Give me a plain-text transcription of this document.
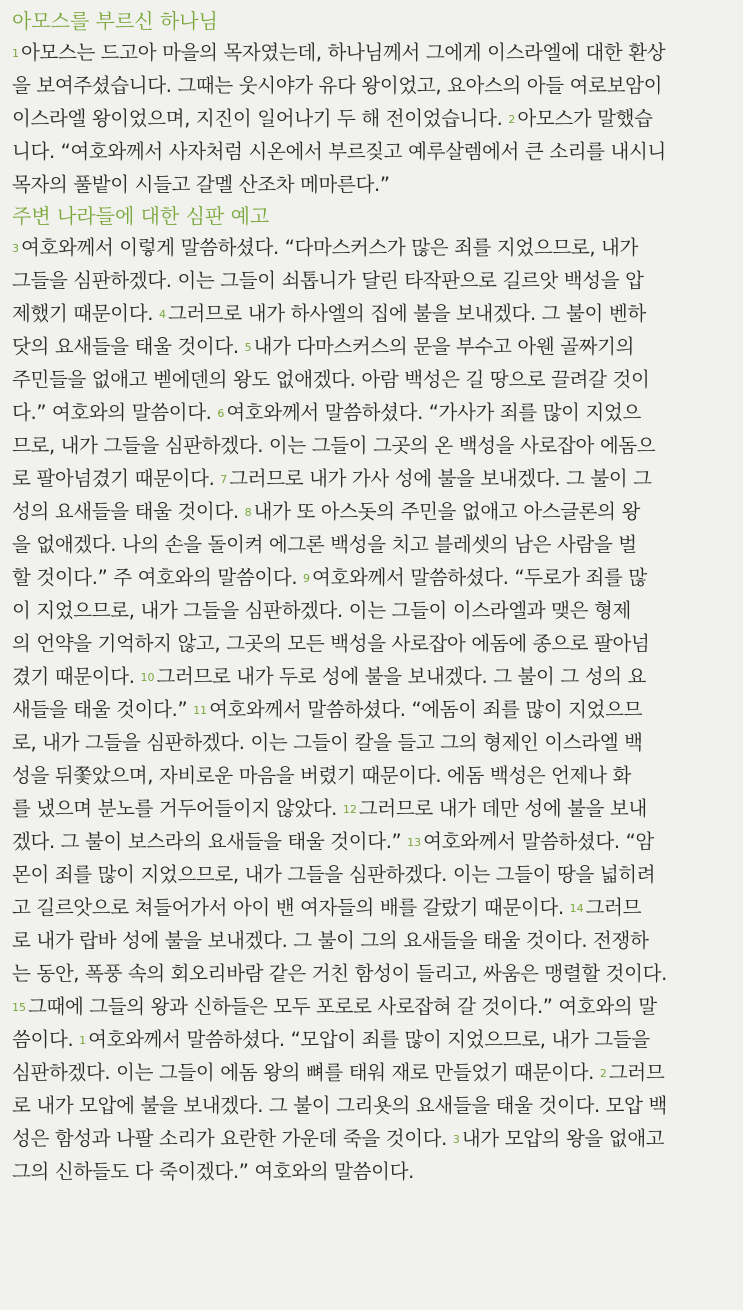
아모스를 부르신 하나님
1 아모스는 드고아 마을의 목자였는데, 하나님께서 그에게 이스라엘에 대한 환상
을 보여주셨습니다. 그때는 웃시야가 유다 왕이었고, 요아스의 아들 여로보암이
이스라엘 왕이었으며, 지진이 일어나기 두 해 전이었습니다. 2 아모스가 말했습
니다. “여호와께서 사자처럼 시온에서 부르짖고 예루살렘에서 큰 소리를 내시니
목자의 풀밭이 시들고 갈멜 산조차 메마른다.”
주변 나라들에 대한 심판 예고
3 여호와께서 이렇게 말씀하셨다. “다마스커스가 많은 죄를 지었으므로, 내가
그들을 심판하겠다. 이는 그들이 쇠톱니가 달린 타작판으로 길르앗 백성을 압
제했기 때문이다. 4 그러므로 내가 하사엘의 집에 불을 보내겠다. 그 불이 벤하
닷의 요새들을 태울 것이다. 5 내가 다마스커스의 문을 부수고 아웬 골짜기의
주민들을 없애고 벧에덴의 왕도 없애겠다. 아람 백성은 길 땅으로 끌려갈 것이
다.” 여호와의 말씀이다. 6 여호와께서 말씀하셨다. “가사가 죄를 많이 지었으
므로, 내가 그들을 심판하겠다. 이는 그들이 그곳의 온 백성을 사로잡아 에돔으
로 팔아넘겼기 때문이다. 7 그러므로 내가 가사 성에 불을 보내겠다. 그 불이 그
성의 요새들을 태울 것이다. 8 내가 또 아스돗의 주민을 없애고 아스글론의 왕
을 없애겠다. 나의 손을 돌이켜 에그론 백성을 치고 블레셋의 남은 사람을 벌
할 것이다.” 주 여호와의 말씀이다. 9 여호와께서 말씀하셨다. “두로가 죄를 많
이 지었으므로, 내가 그들을 심판하겠다. 이는 그들이 이스라엘과 맺은 형제
의 언약을 기억하지 않고, 그곳의 모든 백성을 사로잡아 에돔에 종으로 팔아넘
겼기 때문이다. 10 그러므로 내가 두로 성에 불을 보내겠다. 그 불이 그 성의 요
새들을 태울 것이다.” 11 여호와께서 말씀하셨다. “에돔이 죄를 많이 지었으므
로, 내가 그들을 심판하겠다. 이는 그들이 칼을 들고 그의 형제인 이스라엘 백
성을 뒤쫓았으며, 자비로운 마음을 버렸기 때문이다. 에돔 백성은 언제나 화
를 냈으며 분노를 거두어들이지 않았다. 12 그러므로 내가 데만 성에 불을 보내
겠다. 그 불이 보스라의 요새들을 태울 것이다.” 13 여호와께서 말씀하셨다. “암
몬이 죄를 많이 지었으므로, 내가 그들을 심판하겠다. 이는 그들이 땅을 넓히려
고 길르앗으로 쳐들어가서 아이 밴 여자들의 배를 갈랐기 때문이다. 14 그러므
로 내가 랍바 성에 불을 보내겠다. 그 불이 그의 요새들을 태울 것이다. 전쟁하
는 동안, 폭풍 속의 회오리바람 같은 거친 함성이 들리고, 싸움은 맹렬할 것이다.
15 그때에 그들의 왕과 신하들은 모두 포로로 사로잡혀 갈 것이다.” 여호와의 말
씀이다. 1 여호와께서 말씀하셨다. “모압이 죄를 많이 지었으므로, 내가 그들을
심판하겠다. 이는 그들이 에돔 왕의 뼈를 태워 재로 만들었기 때문이다. 2 그러므
로 내가 모압에 불을 보내겠다. 그 불이 그리욧의 요새들을 태울 것이다. 모압 백
성은 함성과 나팔 소리가 요란한 가운데 죽을 것이다. 3 내가 모압의 왕을 없애고
그의 신하들도 다 죽이겠다.” 여호와의 말씀이다.
